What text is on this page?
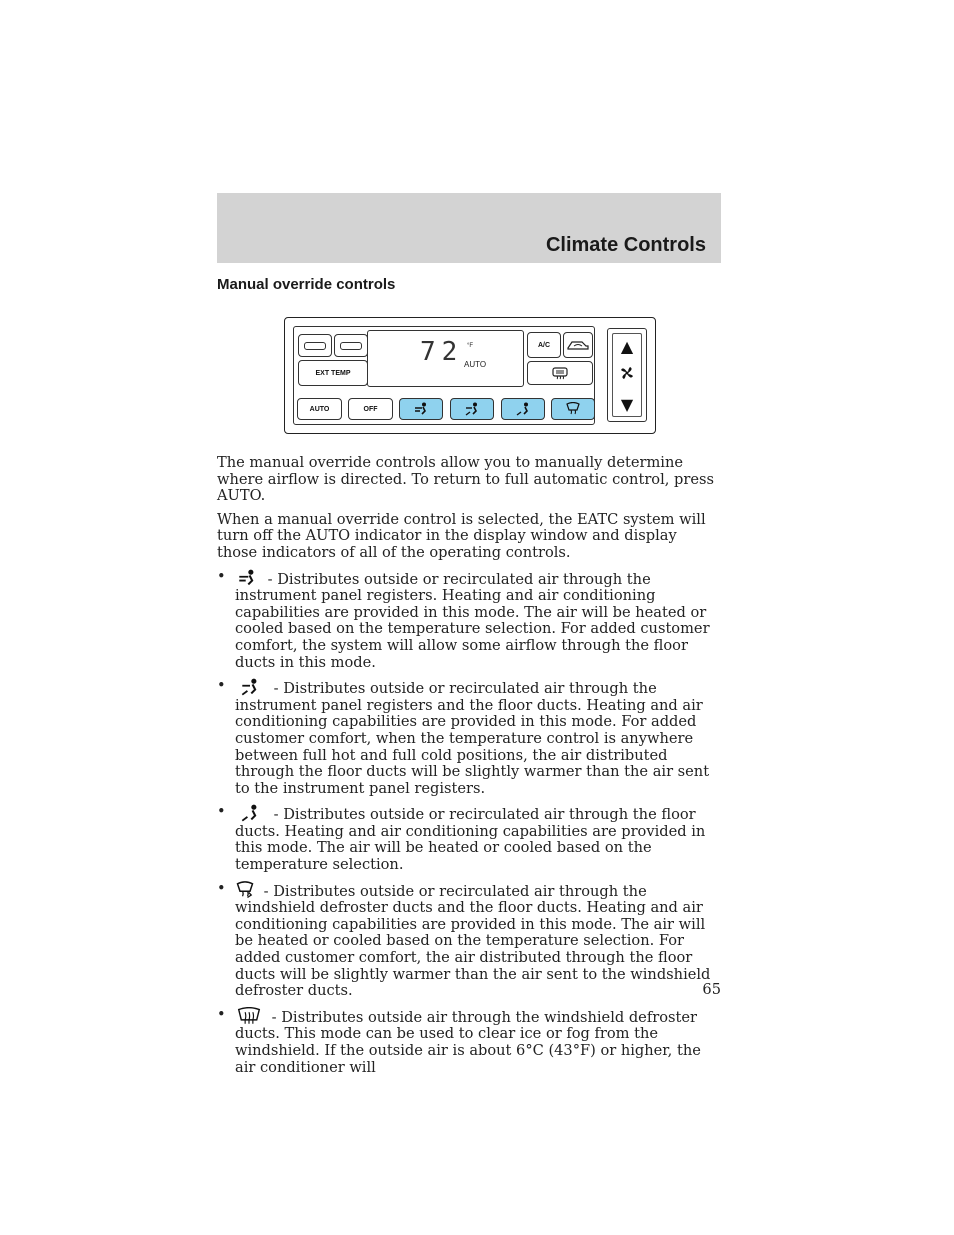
Climate Controls
Manual override controls
EXT TEMP
72 °F
AUTO
A/C
AUTO	OFF
▲
▼

The manual override controls allow you to manually determine where airflow is directed. To return to full automatic control, press AUTO.

When a manual override control is selected, the EATC system will turn off the AUTO indicator in the display window and display those indicators of all of the operating controls.

•	- Distributes outside or recirculated air through the instrument panel registers. Heating and air conditioning capabilities are provided in this mode. The air will be heated or cooled based on the temperature selection. For added customer comfort, the system will allow some airflow through the floor ducts in this mode.
•	- Distributes outside or recirculated air through the instrument panel registers and the floor ducts. Heating and air conditioning capabilities are provided in this mode. For added customer comfort, when the temperature control is anywhere between full hot and full cold positions, the air distributed through the floor ducts will be slightly warmer than the air sent to the instrument panel registers.
•	- Distributes outside or recirculated air through the floor ducts. Heating and air conditioning capabilities are provided in this mode. The air will be heated or cooled based on the temperature selection.
•	- Distributes outside or recirculated air through the windshield defroster ducts and the floor ducts. Heating and air conditioning capabilities are provided in this mode. The air will be heated or cooled based on the temperature selection. For added customer comfort, the air distributed through the floor ducts will be slightly warmer than the air sent to the windshield defroster ducts.
•	- Distributes outside air through the windshield defroster ducts. This mode can be used to clear ice or fog from the windshield. If the outside air is about 6°C (43°F) or higher, the air conditioner will
65
